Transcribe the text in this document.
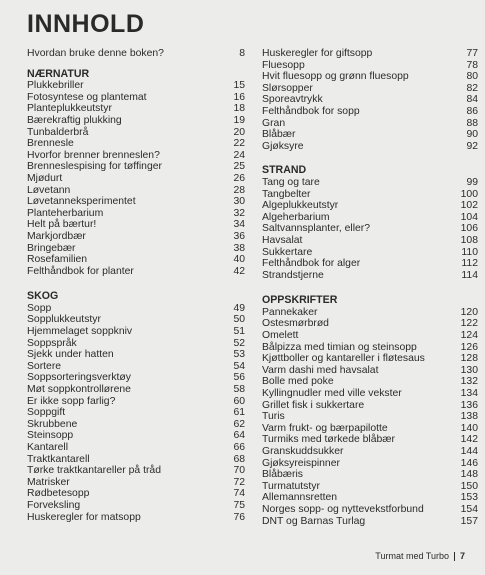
INNHOLD
Hvordan bruke denne boken?	8
NÆRNATUR
Plukkebriller	15
Fotosyntese og plantemat	16
Planteplukkeutstyr	18
Bærekraftig plukking	19
Tunbalderbrå	20
Brennesle	22
Hvorfor brenner brenneslen?	24
Brenneslespising for tøffinger	25
Mjødurt	26
Løvetann	28
Løvetanneksperimentet	30
Planteherbarium	32
Helt på bærtur!	34
Markjordbær	36
Bringebær	38
Rosefamilien	40
Felthåndbok for planter	42
SKOG
Sopp	49
Sopplukkeutstyr	50
Hjemmelaget soppkniv	51
Soppspråk	52
Sjekk under hatten	53
Sortere	54
Soppsorteringsverktøy	56
Møt soppkontrollørene	58
Er ikke sopp farlig?	60
Soppgift	61
Skrubbene	62
Steinsopp	64
Kantarell	66
Traktkantarell	68
Tørke traktkantareller på tråd	70
Matrisker	72
Rødbetesopp	74
Forveksling	75
Huskeregler for matsopp	76
Huskeregler for giftsopp	77
Fluesopp	78
Hvit fluesopp og grønn fluesopp	80
Slørsopper	82
Sporeavtrykk	84
Felthåndbok for sopp	86
Gran	88
Blåbær	90
Gjøksyre	92
STRAND
Tang og tare	99
Tangbelter	100
Algeplukkeutstyr	102
Algeherbarium	104
Saltvannsplanter, eller?	106
Havsalat	108
Sukkertare	110
Felthåndbok for alger	112
Strandstjerne	114
OPPSKRIFTER
Pannekaker	120
Ostesmørbrød	122
Omelett	124
Bålpizza med timian og steinsopp	126
Kjøttboller og kantareller i fløtesaus	128
Varm dashi med havsalat	130
Bolle med poke	132
Kyllingnudler med ville vekster	134
Grillet fisk i sukkertare	136
Turis	138
Varm frukt- og bærpapilotte	140
Turmiks med tørkede blåbær	142
Granskuddsukker	144
Gjøksyreispinner	146
Blåbæris	148
Turmatutstyr	150
Allemannsretten	153
Norges sopp- og nyttevekstforbund	154
DNT og Barnas Turlag	157
Turmat med Turbo 7
